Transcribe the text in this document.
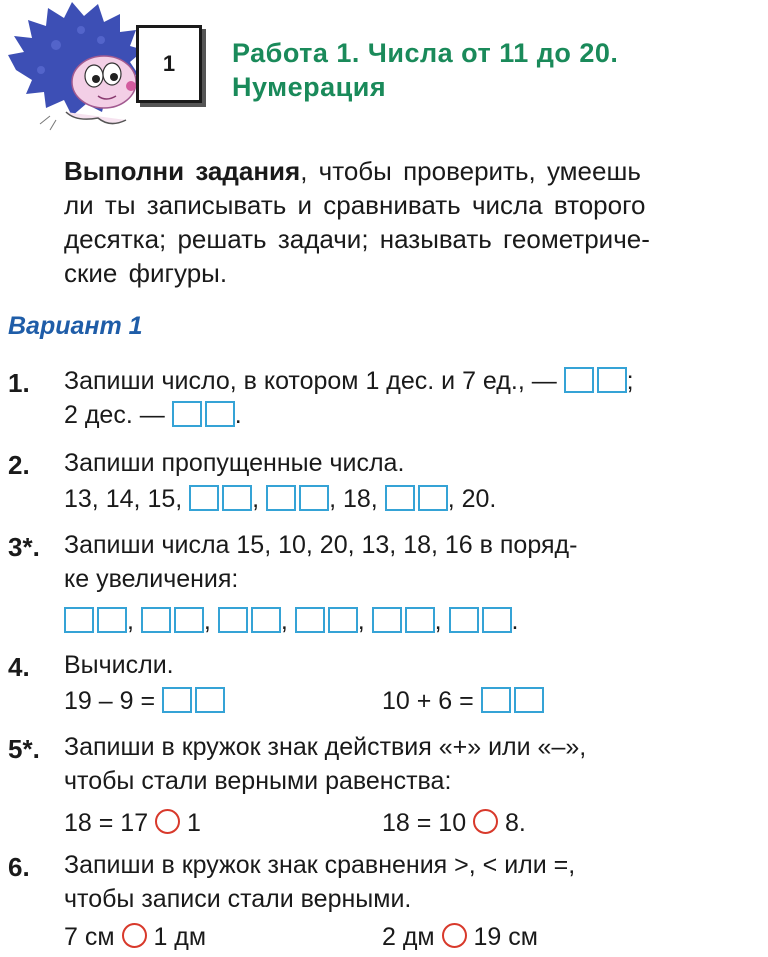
1 Работа 1. Числа от 11 до 20.
Нумерация
Выполни задания, чтобы проверить, умеешь
ли ты записывать и сравнивать числа второго
десятка; решать задачи; называть геометриче-
ские фигуры.
Вариант 1
1. Запиши число, в котором 1 дес. и 7 ед., —	;
2 дес. —	.
2. Запиши пропущенные числа.
13, 14, 15,	,	, 18,	, 20.
3*. Запиши числа 15, 10, 20, 13, 18, 16 в поряд-
ке увеличения:
,	,	,	,	,	.
4. Вычисли.
19 – 9 =	10 + 6 =
5*. Запиши в кружок знак действия «+» или «–»,
чтобы стали верными равенства:
18 = 17 1	18 = 10 8.
6. Запиши в кружок знак сравнения >, < или =,
чтобы записи стали верными.
7 см 1 дм	2 дм 19 см
